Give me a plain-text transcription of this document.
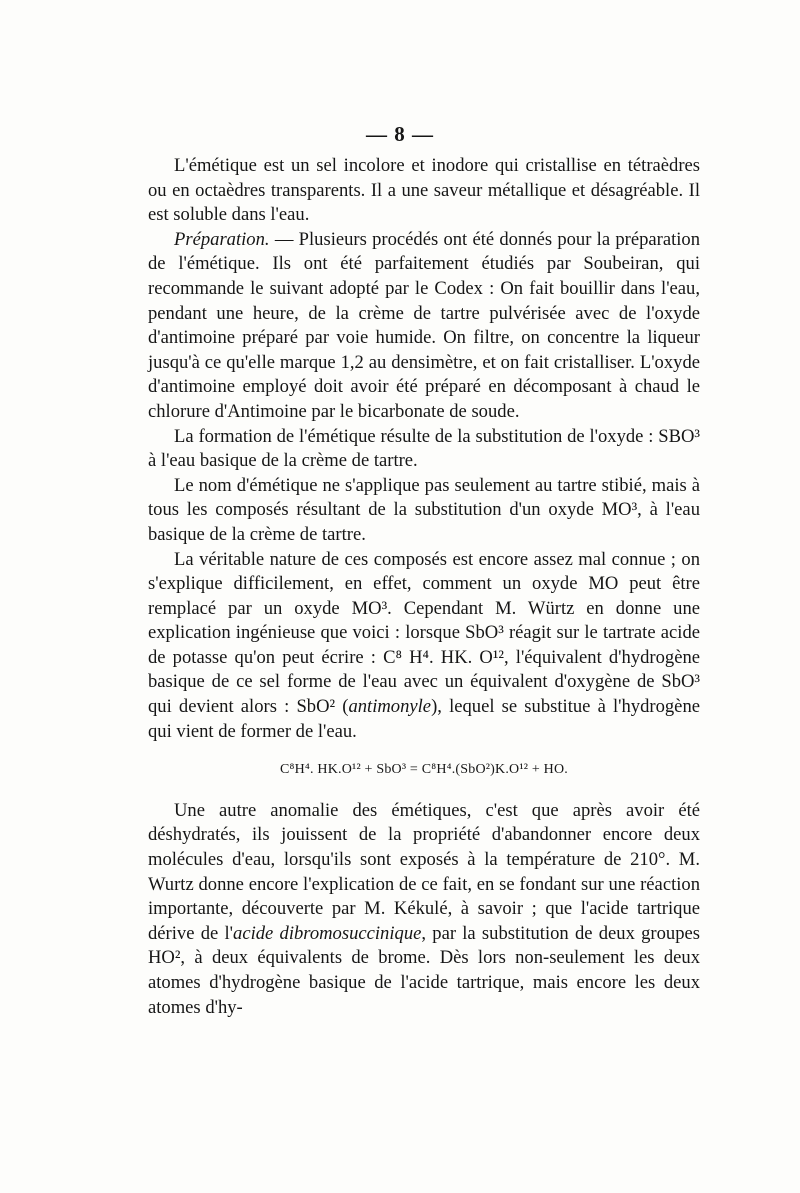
— 8 —

L'émétique est un sel incolore et inodore qui cristallise en tétraèdres ou en octaèdres transparents. Il a une saveur métallique et désagréable. Il est soluble dans l'eau.

Préparation. — Plusieurs procédés ont été donnés pour la préparation de l'émétique. Ils ont été parfaitement étudiés par Soubeiran, qui recommande le suivant adopté par le Codex : On fait bouillir dans l'eau, pendant une heure, de la crème de tartre pulvérisée avec de l'oxyde d'antimoine préparé par voie humide. On filtre, on concentre la liqueur jusqu'à ce qu'elle marque 1,2 au densimètre, et on fait cristalliser. L'oxyde d'antimoine employé doit avoir été préparé en décomposant à chaud le chlorure d'Antimoine par le bicarbonate de soude.

La formation de l'émétique résulte de la substitution de l'oxyde : SBO³ à l'eau basique de la crème de tartre.

Le nom d'émétique ne s'applique pas seulement au tartre stibié, mais à tous les composés résultant de la substitution d'un oxyde MO³, à l'eau basique de la crème de tartre.

La véritable nature de ces composés est encore assez mal connue ; on s'explique difficilement, en effet, comment un oxyde MO peut être remplacé par un oxyde MO³. Cependant M. Würtz en donne une explication ingénieuse que voici : lorsque SbO³ réagit sur le tartrate acide de potasse qu'on peut écrire : C⁸ H⁴. HK. O¹², l'équivalent d'hydrogène basique de ce sel forme de l'eau avec un équivalent d'oxygène de SbO³ qui devient alors : SbO² (antimonyle), lequel se substitue à l'hydrogène qui vient de former de l'eau.

C⁸H⁴. HK.O¹² + SbO³ = C⁸H⁴.(SbO²)K.O¹² + HO.

Une autre anomalie des émétiques, c'est que après avoir été déshydratés, ils jouissent de la propriété d'abandonner encore deux molécules d'eau, lorsqu'ils sont exposés à la température de 210°. M. Wurtz donne encore l'explication de ce fait, en se fondant sur une réaction importante, découverte par M. Kékulé, à savoir ; que l'acide tartrique dérive de l'acide dibromosuccinique, par la substitution de deux groupes HO², à deux équivalents de brome. Dès lors non-seulement les deux atomes d'hydrogène basique de l'acide tartrique, mais encore les deux atomes d'hy-
